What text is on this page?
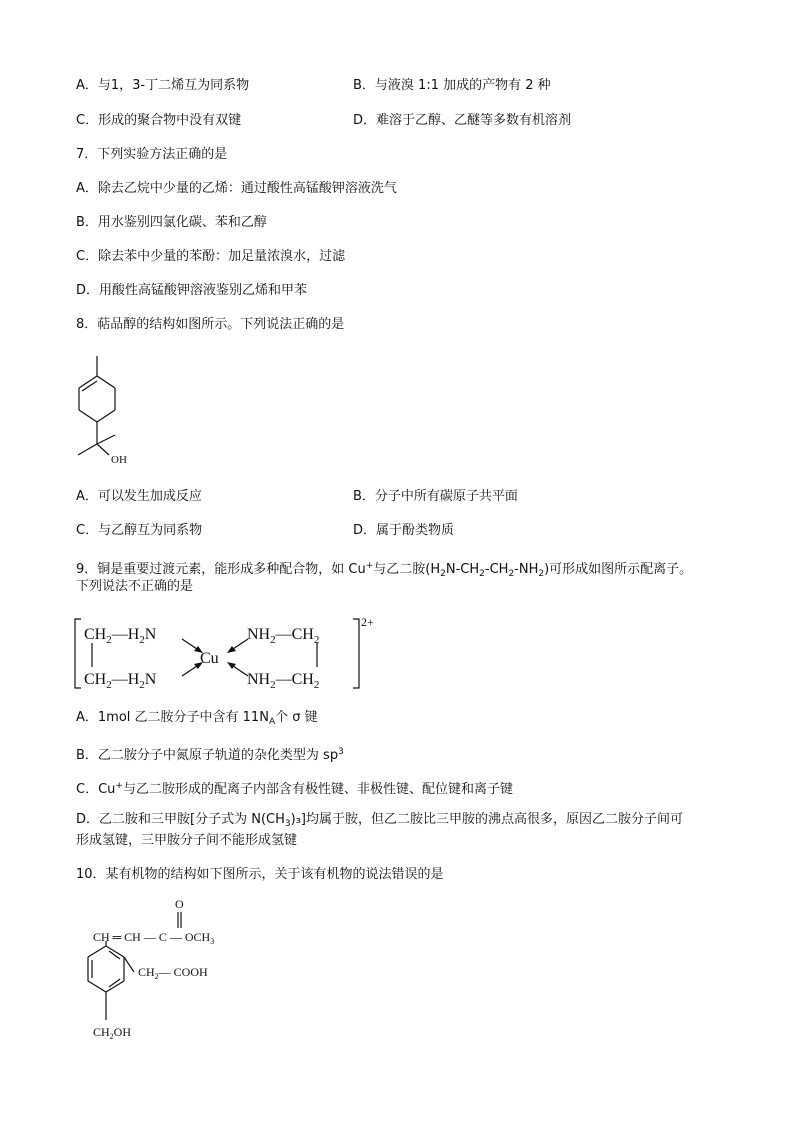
A．与1，3-丁二烯互为同系物	B．与液溴 1:1 加成的产物有 2 种
C．形成的聚合物中没有双键	D．难溶于乙醇、乙醚等多数有机溶剂
7．下列实验方法正确的是
A．除去乙烷中少量的乙烯：通过酸性高锰酸钾溶液洗气
B．用水鉴别四氯化碳、苯和乙醇
C．除去苯中少量的苯酚：加足量浓溴水，过滤
D．用酸性高锰酸钾溶液鉴别乙烯和甲苯
8．萜品醇的结构如图所示。下列说法正确的是
OH
A．可以发生加成反应	B．分子中所有碳原子共平面
C．与乙醇互为同系物	D．属于酚类物质
9．铜是重要过渡元素，能形成多种配合物，如 Cu+与乙二胺$(H_2N-CH_2-CH_2-NH_2)$可形成如图所示配离子。
下列说法不正确的是
$CH_2—H_2N$
$CH_2—H_2N$
Cu
$NH_2—CH_2$
$NH_2—CH_2$
2+
A．1mol 乙二胺分子中含有 $11N_A$个 σ 键
B．乙二胺分子中氮原子轨道的杂化类型为 $sp^3$
C．Cu+与乙二胺形成的配离子内部含有极性键、非极性键、配位键和离子键
D．乙二胺和三甲胺[分子式为 $N(CH_3)_3$]均属于胺，但乙二胺比三甲胺的沸点高很多，原因乙二胺分子间可
形成氢键，三甲胺分子间不能形成氢键
10．某有机物的结构如下图所示，关于该有机物的说法错误的是
O
CH ═ CH — C — $OCH_3$
$CH_2—$ COOH
$CH_2OH$
